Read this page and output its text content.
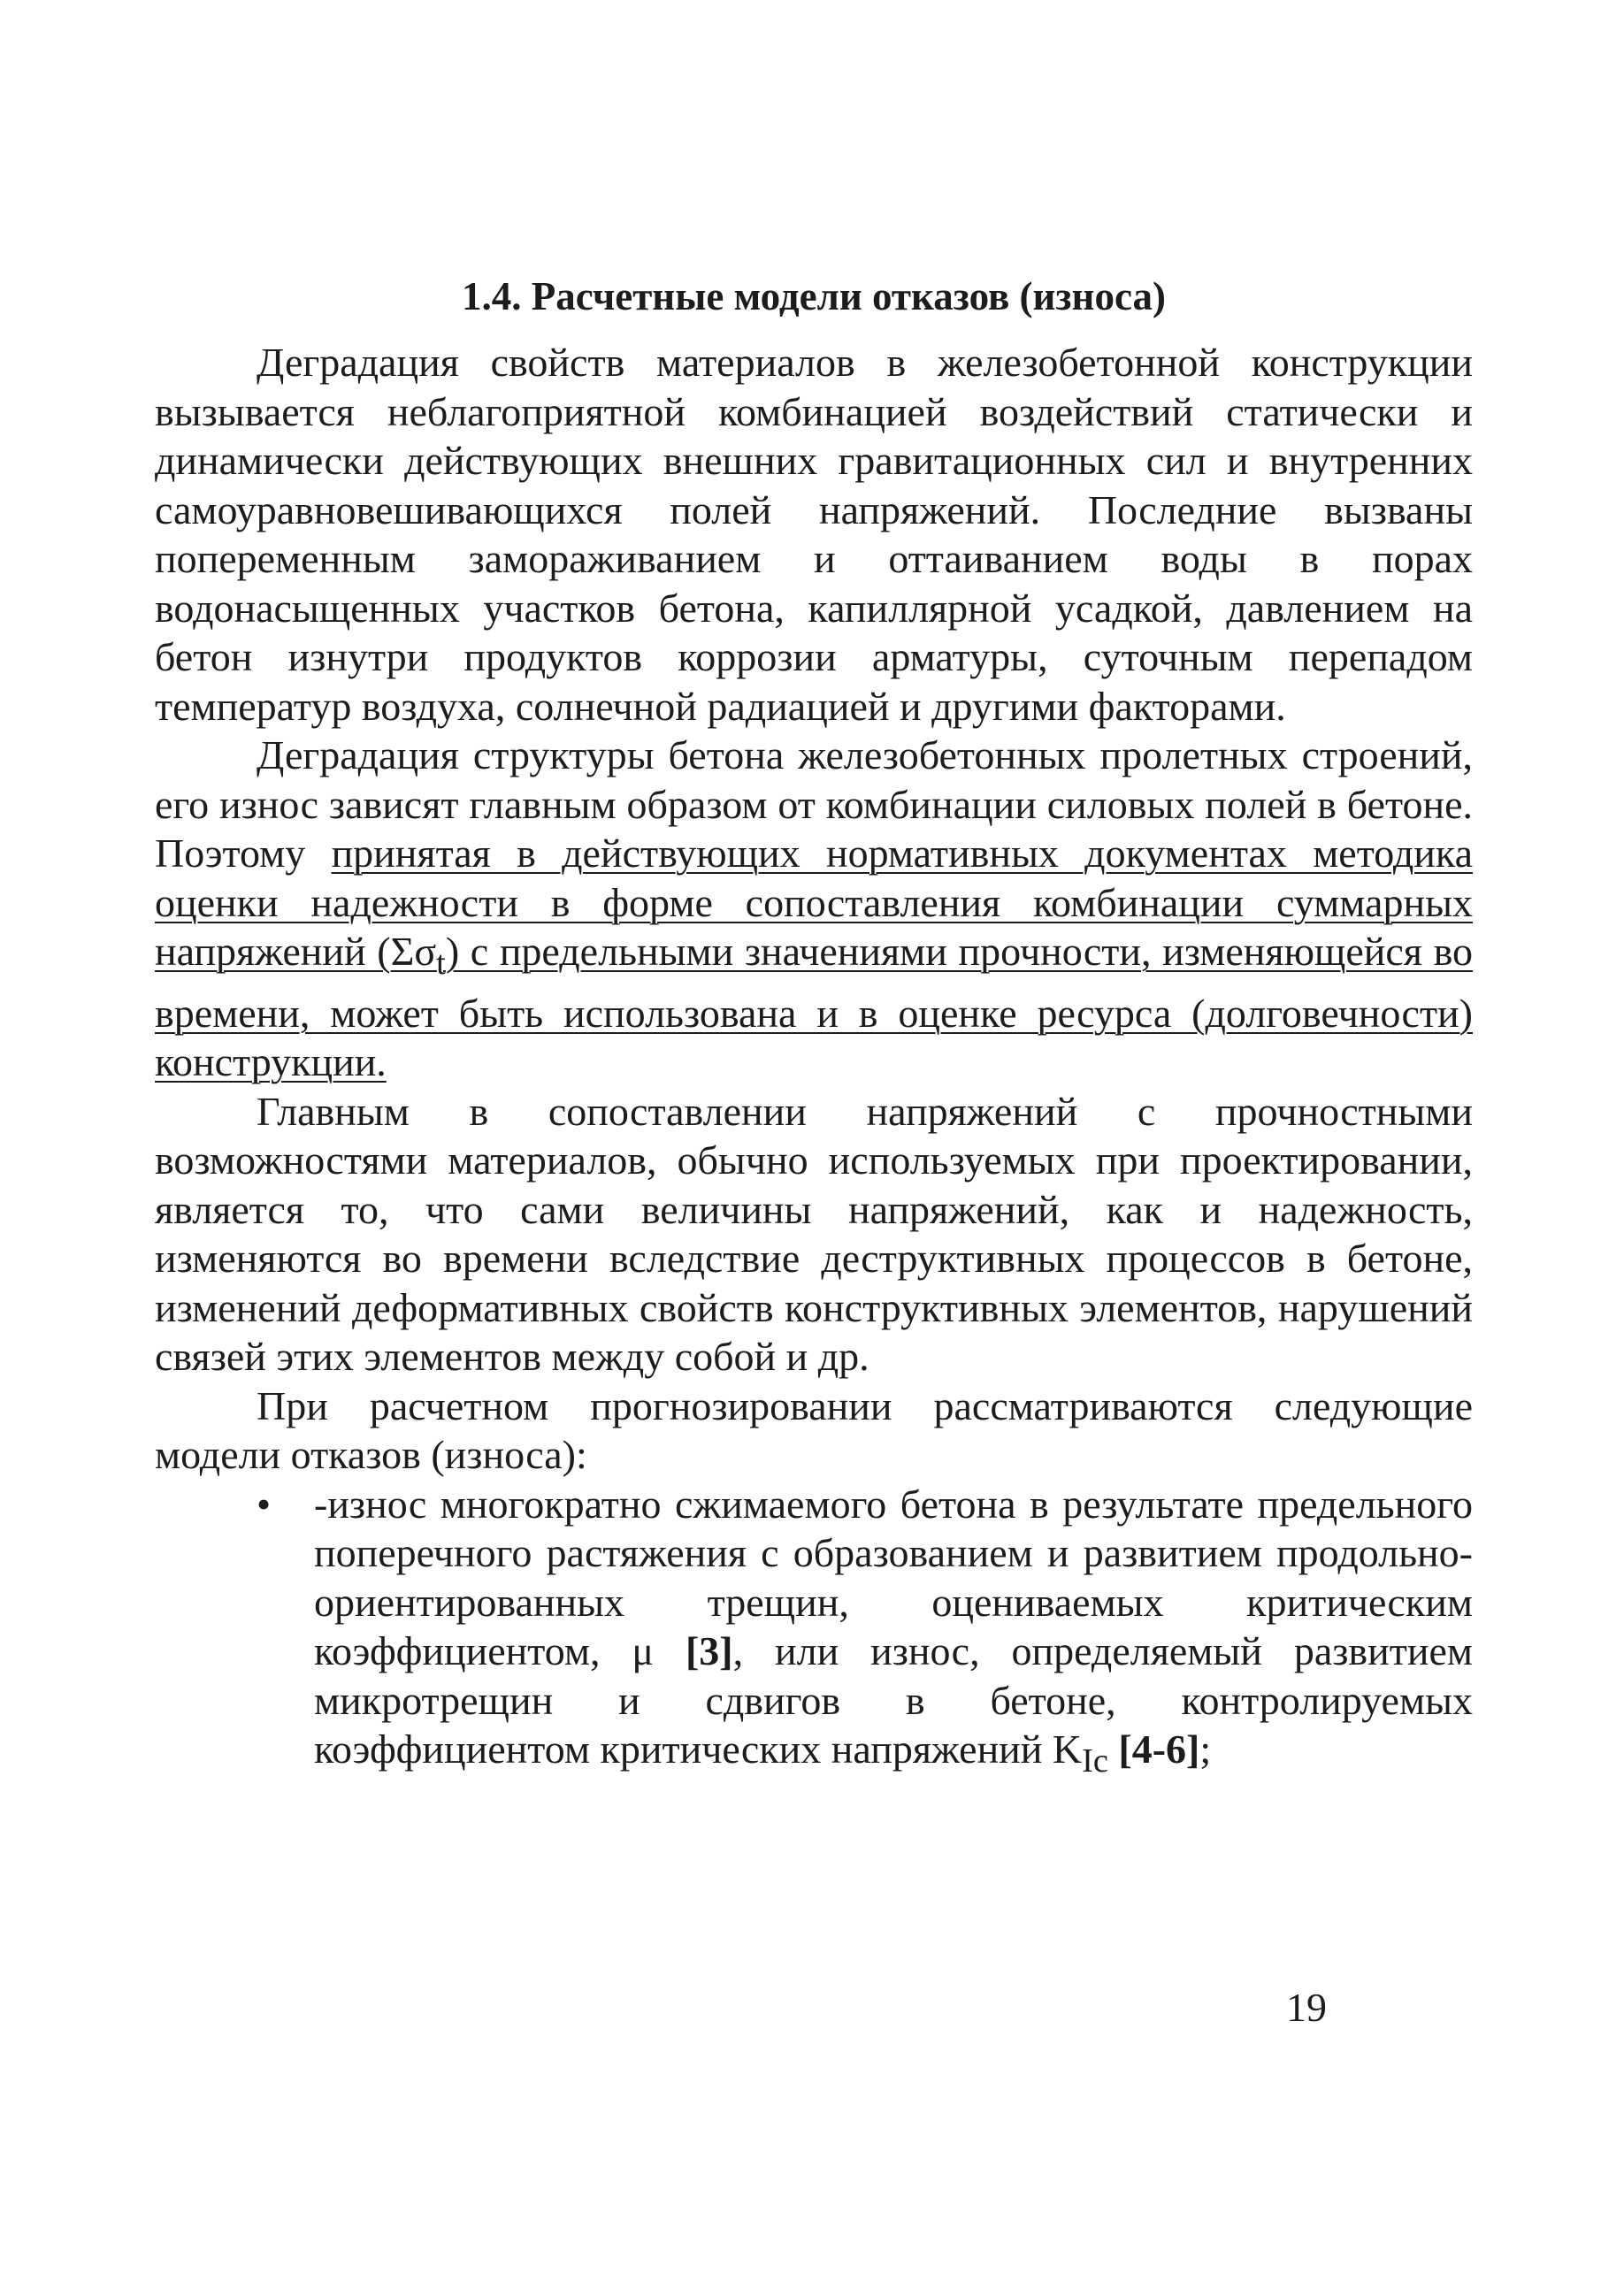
1.4. Расчетные модели отказов (износа)

Деградация свойств материалов в железобетонной конструкции вызывается неблагоприятной комбинацией воздействий статически и динамически действующих внешних гравитационных сил и внутренних самоуравновешивающихся полей напряжений. Последние вызваны попеременным замораживанием и оттаиванием воды в порах водонасыщенных участков бетона, капиллярной усадкой, давлением на бетон изнутри продуктов коррозии арматуры, суточным перепадом температур воздуха, солнечной радиацией и другими факторами.

Деградация структуры бетона железобетонных пролетных строений, его износ зависят главным образом от комбинации силовых полей в бетоне. Поэтому принятая в действующих нормативных документах методика оценки надежности в форме сопоставления комбинации суммарных напряжений $(\Sigma\sigma_t)$ с предельными значениями прочности, изменяющейся во времени, может быть использована и в оценке ресурса (долговечности) конструкции.

Главным в сопоставлении напряжений с прочностными возможностями материалов, обычно используемых при проектировании, является то, что сами величины напряжений, как и надежность, изменяются во времени вследствие деструктивных процессов в бетоне, изменений деформативных свойств конструктивных элементов, нарушений связей этих элементов между собой и др.

При расчетном прогнозировании рассматриваются следующие модели отказов (износа):

• -износ многократно сжимаемого бетона в результате предельного поперечного растяжения с образованием и развитием продольно-ориентированных трещин, оцениваемых критическим коэффициентом, μ [3], или износ, определяемый развитием микротрещин и сдвигов в бетоне, контролируемых коэффициентом критических напряжений $K_{Ic}$ [4-6];
19
